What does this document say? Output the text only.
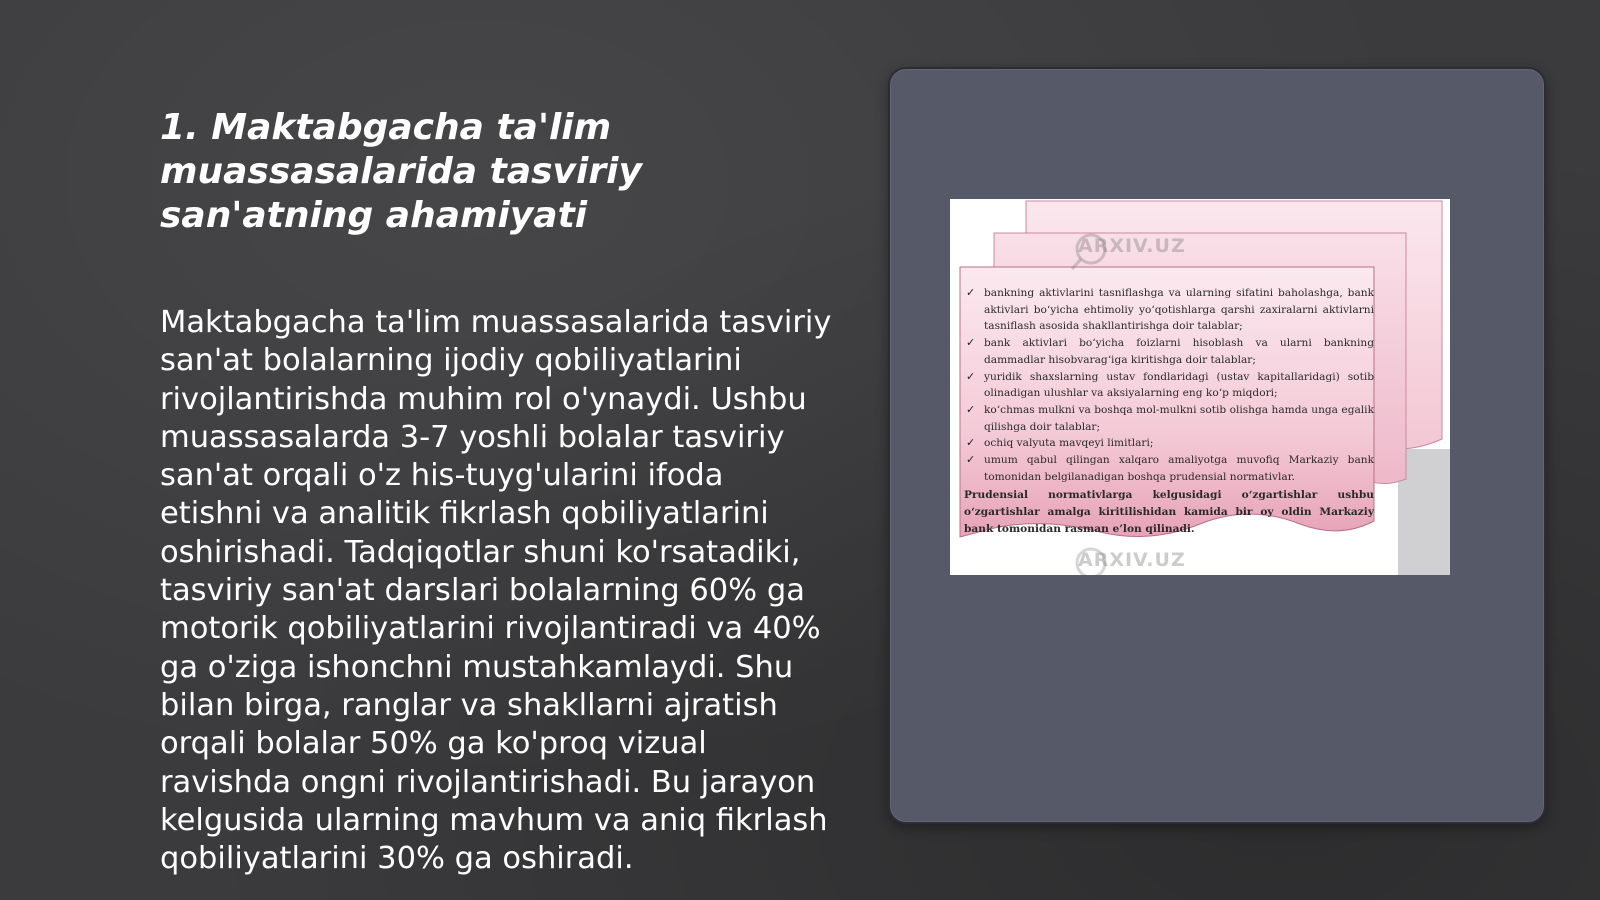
1. Maktabgacha ta'lim muassasalarida tasviriy san'atning ahamiyati

Maktabgacha ta'lim muassasalarida tasviriy san'at bolalarning ijodiy qobiliyatlarini rivojlantirishda muhim rol o'ynaydi. Ushbu muassasalarda 3-7 yoshli bolalar tasviriy san'at orqali o'z his-tuyg'ularini ifoda etishni va analitik fikrlash qobiliyatlarini oshirishadi. Tadqiqotlar shuni ko'rsatadiki, tasviriy san'at darslari bolalarning 60% ga motorik qobiliyatlarini rivojlantiradi va 40% ga o'ziga ishonchni mustahkamlaydi. Shu bilan birga, ranglar va shakllarni ajratish orqali bolalar 50% ga ko'proq vizual ravishda ongni rivojlantirishadi. Bu jarayon kelgusida ularning mavhum va aniq fikrlash qobiliyatlarini 30% ga oshiradi.

ARXIV.UZ
ARXIV.UZ
✓ bankning aktivlarini tasniflashga va ularning sifatini baholashga, bank aktivlari bo‘yicha ehtimoliy yo‘qotishlarga qarshi zaxiralarni aktivlarni tasniflash asosida shakllantirishga doir talablar;
✓ bank aktivlari bo‘yicha foizlarni hisoblash va ularni bankning dammadlar hisobvarag‘iga kiritishga doir talablar;
✓ yuridik shaxslarning ustav fondlaridagi (ustav kapitallaridagi) sotib olinadigan ulushlar va aksiyalarning eng ko‘p miqdori;
✓ ko‘chmas mulkni va boshqa mol-mulkni sotib olishga hamda unga egalik qilishga doir talablar;
✓ ochiq valyuta mavqeyi limitlari;
✓ umum qabul qilingan xalqaro amaliyotga muvofiq Markaziy bank tomonidan belgilanadigan boshqa prudensial normativlar.
Prudensial normativlarga kelgusidagi o‘zgartishlar ushbu o‘zgartishlar amalga kiritilishidan kamida bir oy oldin Markaziy bank tomonidan rasman e’lon qilinadi.
